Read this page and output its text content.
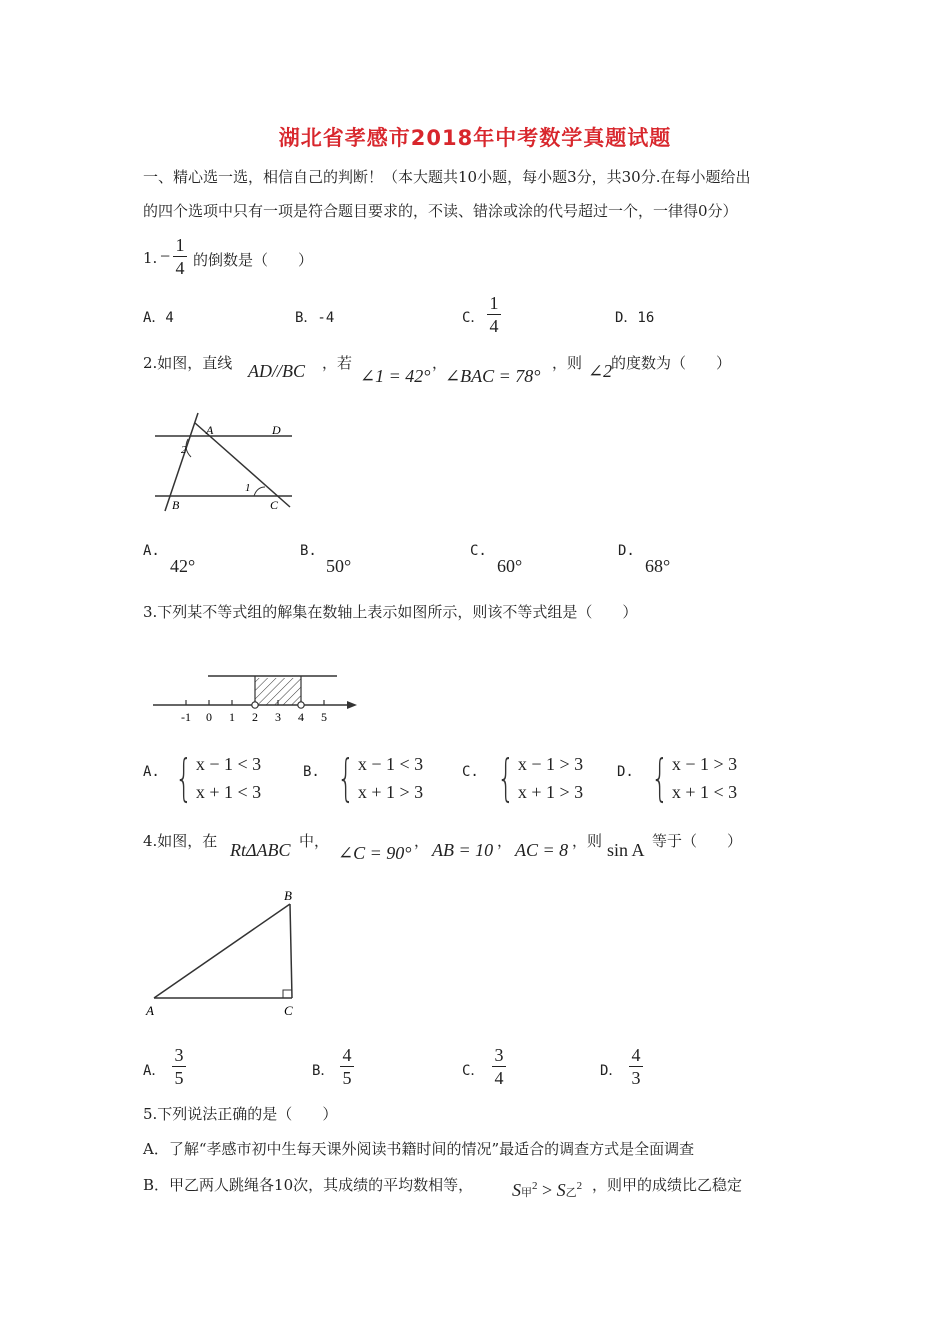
湖北省孝感市2018年中考数学真题试题
一、精心选一选，相信自己的判断！（本大题共10小题，每小题3分，共30分.在每小题给出
的四个选项中只有一项是符合题目要求的，不读、错涂或涂的代号超过一个，一律得0分）
1. −
1
4 的倒数是（　　）
A．4	B．-4	C．
1
4	D．16
2.如图，直线 AD//BC ，若
∠1 = 42°
，
∠BAC = 78°
，则 ∠2
的度数为（　　）
A	D
B	C
1
2
A.
42°
B.
50°
C.
60°
D.
68°
3.下列某不等式组的解集在数轴上表示如图所示，则该不等式组是（　　）
-1 0 1 2 3 4 5
A. { x − 1 < 3
x + 1 < 3
B. { x − 1 < 3
x + 1 > 3
C. { x − 1 > 3
x + 1 > 3
D. { x − 1 > 3
x + 1 < 3
4.如图，在 RtΔABC 中，
∠C = 90°
， AB = 10 ， AC = 8 ，则 sin A 等于（　　）
B
A	C
A．
3
5	B．
4
5	C．
3
4	D．
4
3
5.下列说法正确的是（　　）
A．了解“孝感市初中生每天课外阅读书籍时间的情况”最适合的调查方式是全面调查
B．甲乙两人跳绳各10次，其成绩的平均数相等， S甲$^2$ > S乙$^2$ ，则甲的成绩比乙稳定
